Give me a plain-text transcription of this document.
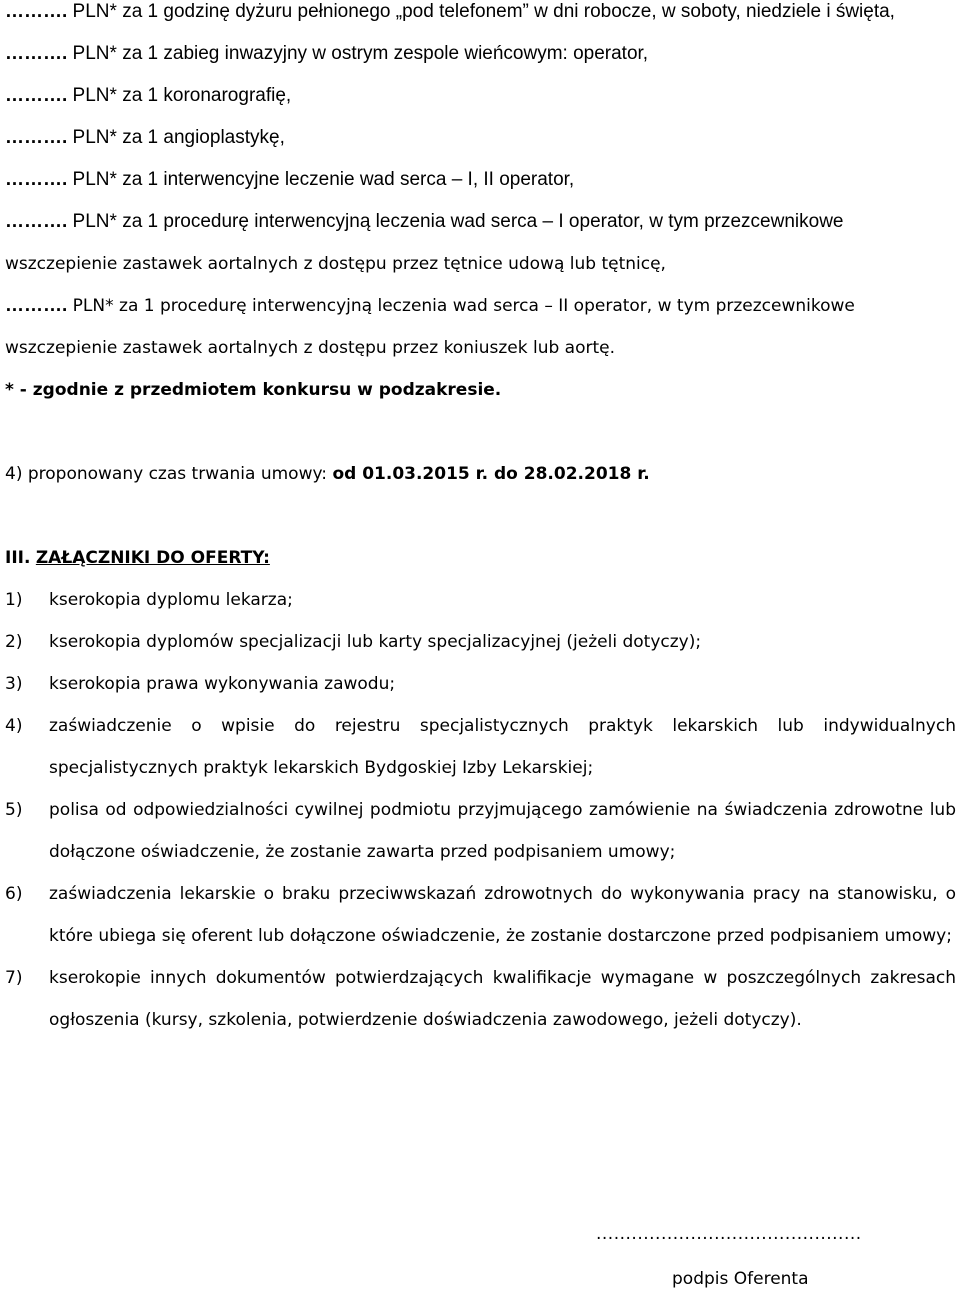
………. PLN* za 1 godzinę dyżuru pełnionego „pod telefonem” w dni robocze, w soboty, niedziele i święta,

………. PLN* za 1 zabieg inwazyjny w ostrym zespole wieńcowym: operator,

………. PLN* za 1 koronarografię,

………. PLN* za 1 angioplastykę,

………. PLN* za 1 interwencyjne leczenie wad serca – I, II operator,

………. PLN* za 1 procedurę interwencyjną leczenia wad serca – I operator, w tym przezcewnikowe

wszczepienie zastawek aortalnych z dostępu przez tętnice udową lub tętnicę,

………. PLN* za 1 procedurę interwencyjną leczenia wad serca – II operator, w tym przezcewnikowe

wszczepienie zastawek aortalnych z dostępu przez koniuszek lub aortę.

* - zgodnie z przedmiotem konkursu w podzakresie.

4) proponowany czas trwania umowy: od 01.03.2015 r. do 28.02.2018 r.

III. ZAŁĄCZNIKI DO OFERTY:

1) kserokopia dyplomu lekarza;
2) kserokopia dyplomów specjalizacji lub karty specjalizacyjnej (jeżeli dotyczy);
3) kserokopia prawa wykonywania zawodu;
4) zaświadczenie o wpisie do rejestru specjalistycznych praktyk lekarskich lub indywidualnych specjalistycznych praktyk lekarskich Bydgoskiej Izby Lekarskiej;
5) polisa od odpowiedzialności cywilnej podmiotu przyjmującego zamówienie na świadczenia zdrowotne lub dołączone oświadczenie, że zostanie zawarta przed podpisaniem umowy;
6) zaświadczenia lekarskie o braku przeciwwskazań zdrowotnych do wykonywania pracy na stanowisku, o które ubiega się oferent lub dołączone oświadczenie, że zostanie dostarczone przed podpisaniem umowy;
7) kserokopie innych dokumentów potwierdzających kwalifikacje wymagane w poszczególnych zakresach ogłoszenia (kursy, szkolenia, potwierdzenie doświadczenia zawodowego, jeżeli dotyczy).
.............................................
podpis Oferenta
